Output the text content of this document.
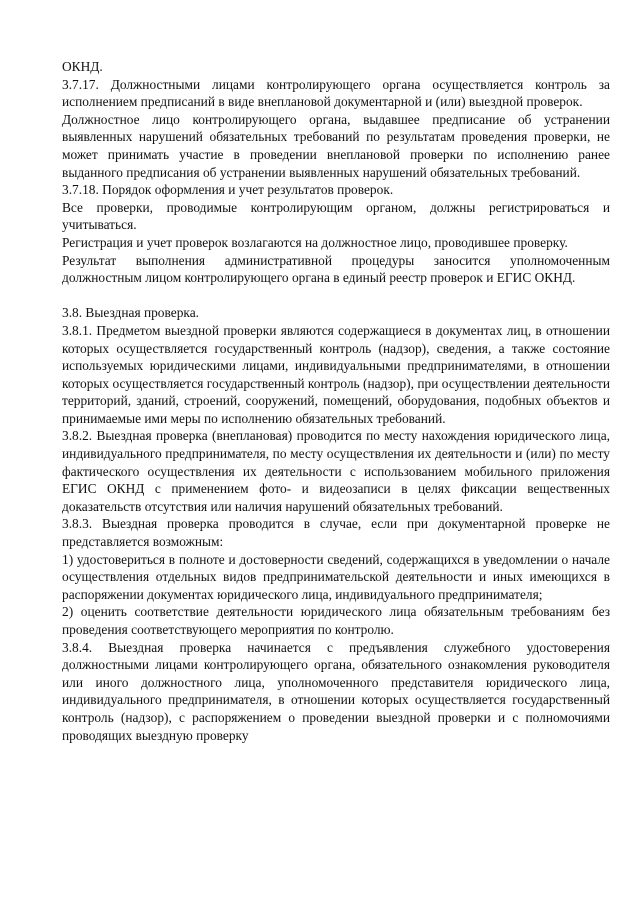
ОКНД.

3.7.17. Должностными лицами контролирующего органа осуществляется контроль за исполнением предписаний в виде внеплановой документарной и (или) выездной проверок.

Должностное лицо контролирующего органа, выдавшее предписание об устранении выявленных нарушений обязательных требований по результатам проведения проверки, не может принимать участие в проведении внеплановой проверки по исполнению ранее выданного предписания об устранении выявленных нарушений обязательных требований.

3.7.18. Порядок оформления и учет результатов проверок.

Все проверки, проводимые контролирующим органом, должны регистрироваться и учитываться.

Регистрация и учет проверок возлагаются на должностное лицо, проводившее проверку.

Результат выполнения административной процедуры заносится уполномоченным должностным лицом контролирующего органа в единый реестр проверок и ЕГИС ОКНД.

3.8. Выездная проверка.

3.8.1. Предметом выездной проверки являются содержащиеся в документах лиц, в отношении которых осуществляется государственный контроль (надзор), сведения, а также состояние используемых юридическими лицами, индивидуальными предпринимателями, в отношении которых осуществляется государственный контроль (надзор), при осуществлении деятельности территорий, зданий, строений, сооружений, помещений, оборудования, подобных объектов и принимаемые ими меры по исполнению обязательных требований.

3.8.2. Выездная проверка (внеплановая) проводится по месту нахождения юридического лица, индивидуального предпринимателя, по месту осуществления их деятельности и (или) по месту фактического осуществления их деятельности с использованием мобильного приложения ЕГИС ОКНД с применением фото- и видеозаписи в целях фиксации вещественных доказательств отсутствия или наличия нарушений обязательных требований.

3.8.3. Выездная проверка проводится в случае, если при документарной проверке не представляется возможным:

1) удостовериться в полноте и достоверности сведений, содержащихся в уведомлении о начале осуществления отдельных видов предпринимательской деятельности и иных имеющихся в распоряжении документах юридического лица, индивидуального предпринимателя;

2) оценить соответствие деятельности юридического лица обязательным требованиям без проведения соответствующего мероприятия по контролю.

3.8.4. Выездная проверка начинается с предъявления служебного удостоверения должностными лицами контролирующего органа, обязательного ознакомления руководителя или иного должностного лица, уполномоченного представителя юридического лица, индивидуального предпринимателя, в отношении которых осуществляется государственный контроль (надзор), с распоряжением о проведении выездной проверки и с полномочиями проводящих выездную проверку
